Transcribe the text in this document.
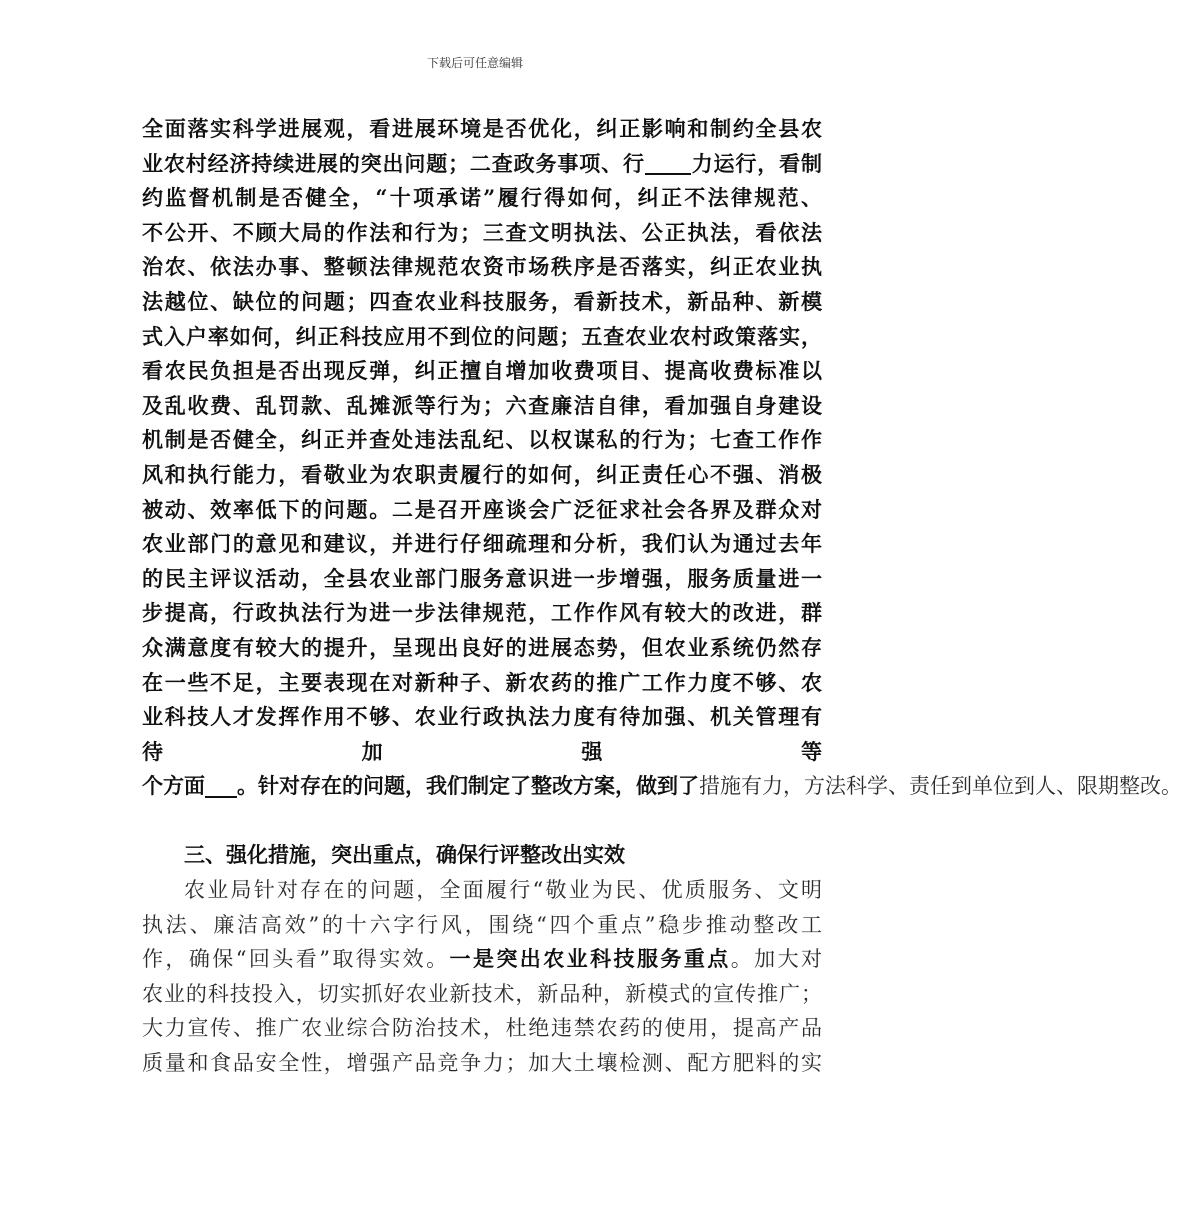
下载后可任意编辑
全面落实科学进展观，看进展环境是否优化，纠正影响和制约全县农
业农村经济持续进展的突出问题；二查政务事项、行 力运行，看制
约监督机制是否健全，“十项承诺”履行得如何，纠正不法律规范、
不公开、不顾大局的作法和行为；三查文明执法、公正执法，看依法
治农、依法办事、整顿法律规范农资市场秩序是否落实，纠正农业执
法越位、缺位的问题；四查农业科技服务，看新技术，新品种、新模
式入户率如何，纠正科技应用不到位的问题；五查农业农村政策落实，
看农民负担是否出现反弹，纠正擅自增加收费项目、提高收费标准以
及乱收费、乱罚款、乱摊派等行为；六查廉洁自律，看加强自身建设
机制是否健全，纠正并查处违法乱纪、以权谋私的行为；七查工作作
风和执行能力，看敬业为农职责履行的如何，纠正责任心不强、消极
被动、效率低下的问题。二是召开座谈会广泛征求社会各界及群众对
农业部门的意见和建议，并进行仔细疏理和分析，我们认为通过去年
的民主评议活动，全县农业部门服务意识进一步增强，服务质量进一
步提高，行政执法行为进一步法律规范，工作作风有较大的改进，群
众满意度有较大的提升，呈现出良好的进展态势，但农业系统仍然存
在一些不足，主要表现在对新种子、新农药的推广工作力度不够、农
业科技人才发挥作用不够、农业行政执法力度有待加强、机关管理有
待加强等
个方面 。针对存在的问题，我们制定了整改方案，做到了措施有力，方法科学、责任到单位到人、限期整改。
三、强化措施，突出重点，确保行评整改出实效
农业局针对存在的问题，全面履行“敬业为民、优质服务、文明
执法、廉洁高效”的十六字行风，围绕“四个重点”稳步推动整改工
作，确保“回头看”取得实效。一是突出农业科技服务重点。加大对
农业的科技投入，切实抓好农业新技术，新品种，新模式的宣传推广；
大力宣传、推广农业综合防治技术，杜绝违禁农药的使用，提高产品
质量和食品安全性，增强产品竞争力；加大土壤检测、配方肥料的实
